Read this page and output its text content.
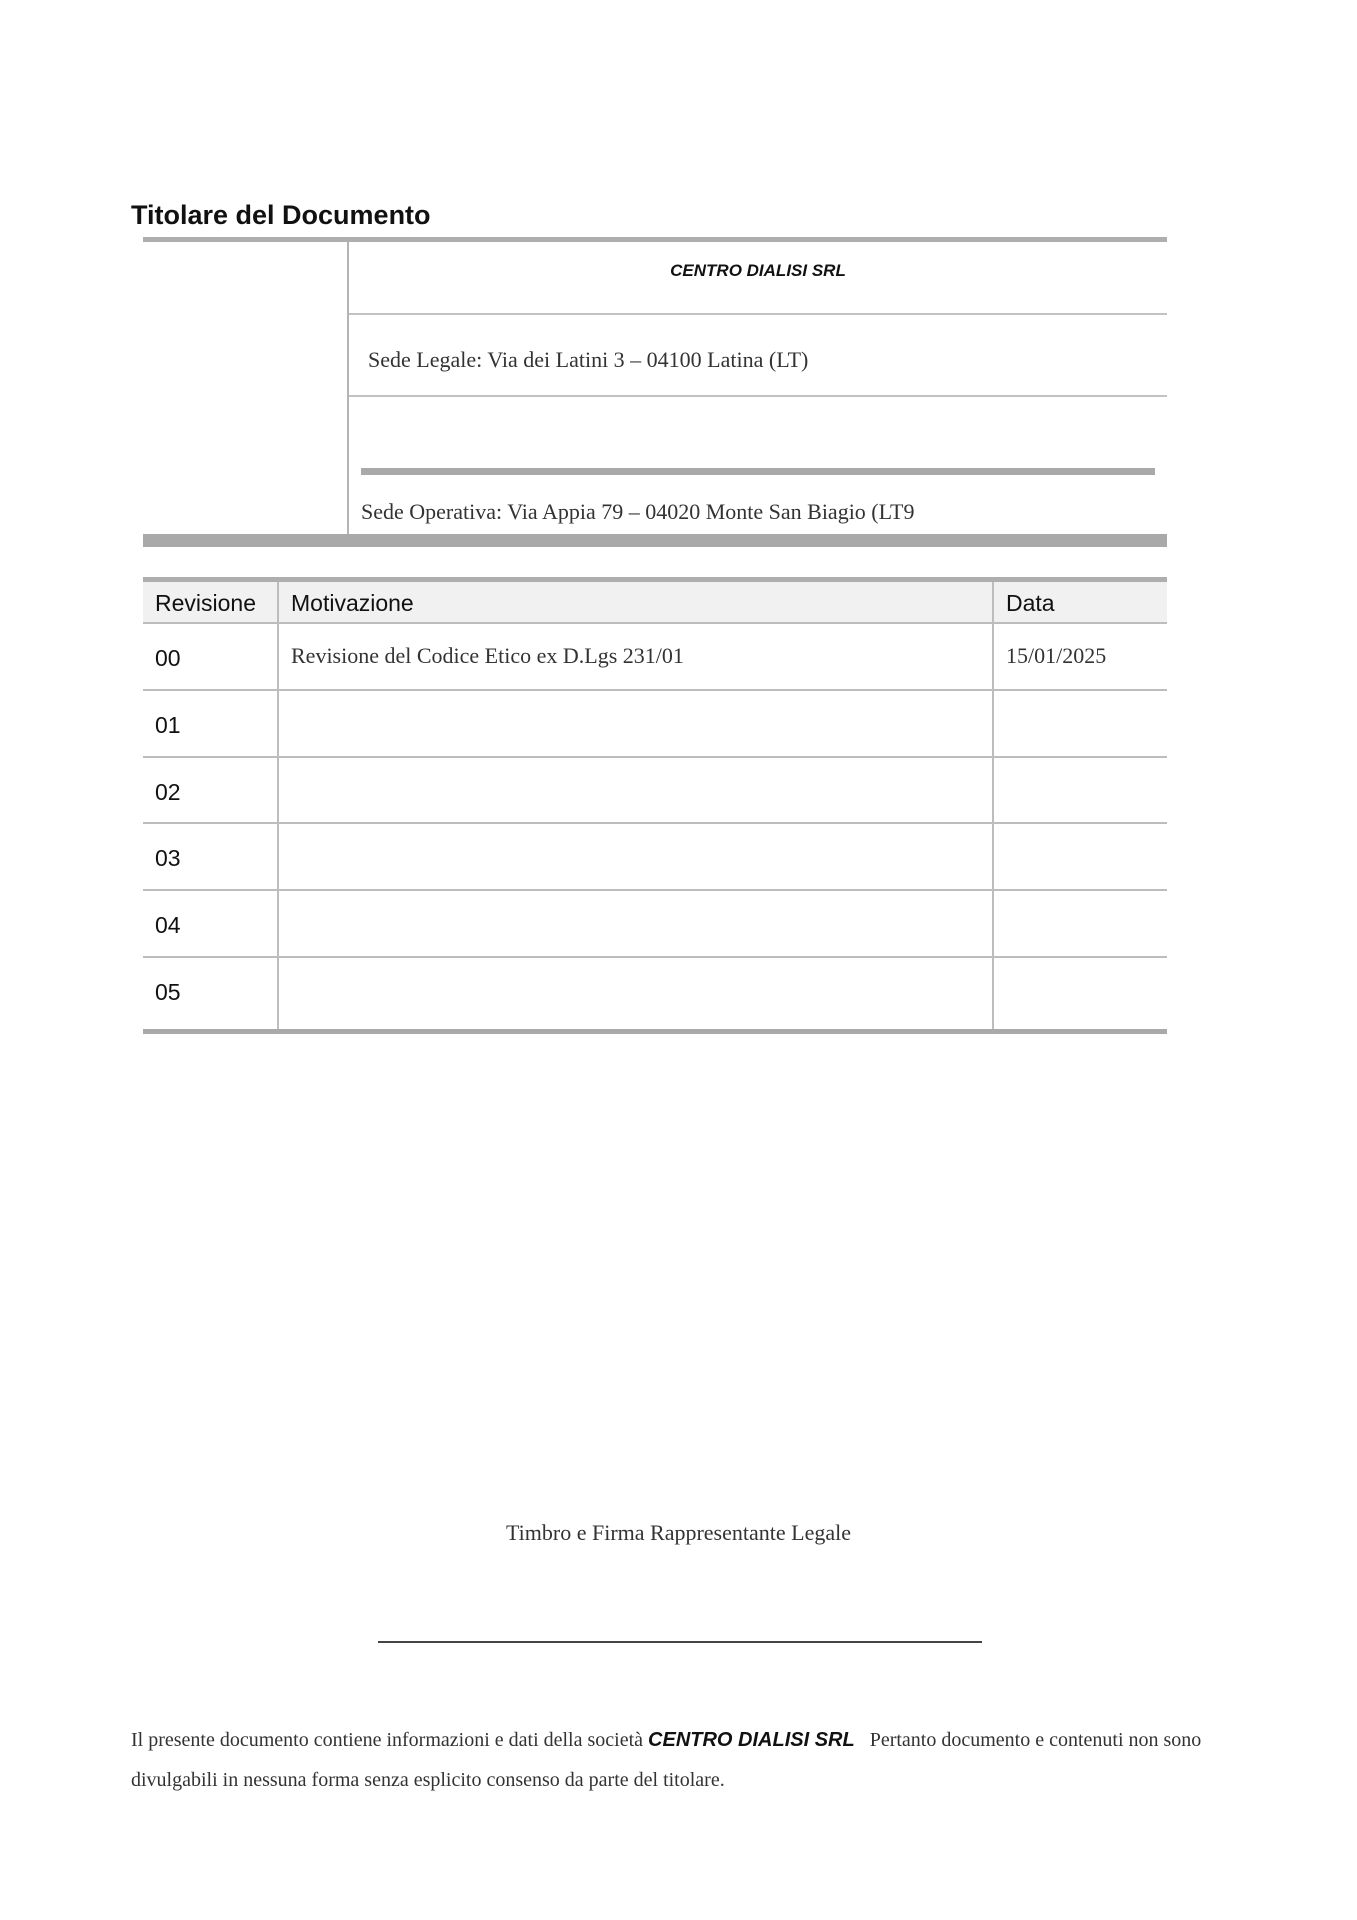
Titolare del Documento
CENTRO DIALISI SRL
Sede Legale: Via dei Latini 3 – 04100 Latina (LT)
Sede Operativa: Via Appia 79 – 04020 Monte San Biagio (LT9
Revisione Motivazione	Data
00	Revisione del Codice Etico ex D.Lgs 231/01	15/01/2025
01
02
03
04
05
Timbro e Firma Rappresentante Legale
Il presente documento contiene informazioni e dati della società CENTRO DIALISI SRL   Pertanto documento e contenuti non sono divulgabili in nessuna forma senza esplicito consenso da parte del titolare.
